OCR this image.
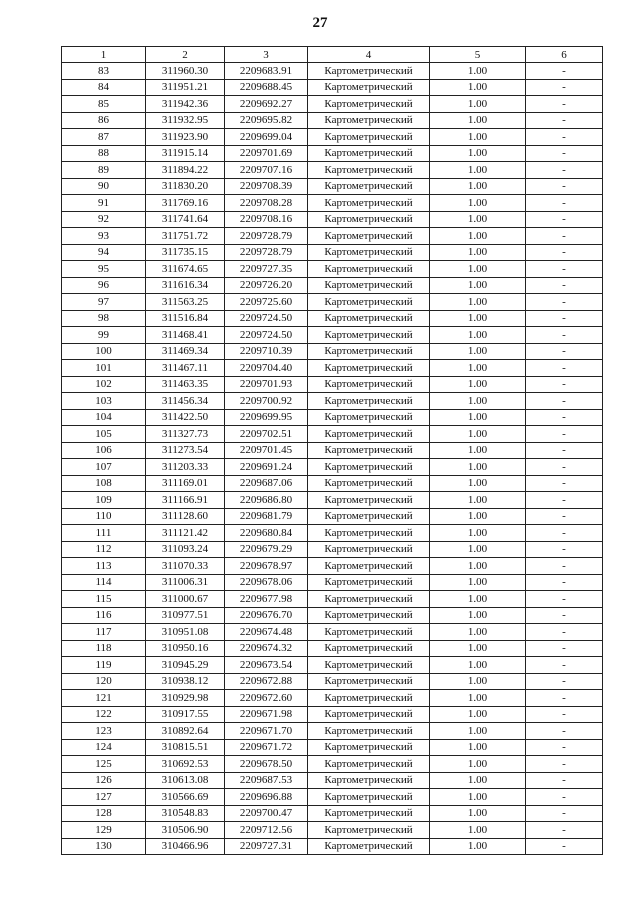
27
1	2	3	4	5	6
83	311960.30	2209683.91	Картометрический	1.00	-
84	311951.21	2209688.45	Картометрический	1.00	-
85	311942.36	2209692.27	Картометрический	1.00	-
86	311932.95	2209695.82	Картометрический	1.00	-
87	311923.90	2209699.04	Картометрический	1.00	-
88	311915.14	2209701.69	Картометрический	1.00	-
89	311894.22	2209707.16	Картометрический	1.00	-
90	311830.20	2209708.39	Картометрический	1.00	-
91	311769.16	2209708.28	Картометрический	1.00	-
92	311741.64	2209708.16	Картометрический	1.00	-
93	311751.72	2209728.79	Картометрический	1.00	-
94	311735.15	2209728.79	Картометрический	1.00	-
95	311674.65	2209727.35	Картометрический	1.00	-
96	311616.34	2209726.20	Картометрический	1.00	-
97	311563.25	2209725.60	Картометрический	1.00	-
98	311516.84	2209724.50	Картометрический	1.00	-
99	311468.41	2209724.50	Картометрический	1.00	-
100	311469.34	2209710.39	Картометрический	1.00	-
101	311467.11	2209704.40	Картометрический	1.00	-
102	311463.35	2209701.93	Картометрический	1.00	-
103	311456.34	2209700.92	Картометрический	1.00	-
104	311422.50	2209699.95	Картометрический	1.00	-
105	311327.73	2209702.51	Картометрический	1.00	-
106	311273.54	2209701.45	Картометрический	1.00	-
107	311203.33	2209691.24	Картометрический	1.00	-
108	311169.01	2209687.06	Картометрический	1.00	-
109	311166.91	2209686.80	Картометрический	1.00	-
110	311128.60	2209681.79	Картометрический	1.00	-
111	311121.42	2209680.84	Картометрический	1.00	-
112	311093.24	2209679.29	Картометрический	1.00	-
113	311070.33	2209678.97	Картометрический	1.00	-
114	311006.31	2209678.06	Картометрический	1.00	-
115	311000.67	2209677.98	Картометрический	1.00	-
116	310977.51	2209676.70	Картометрический	1.00	-
117	310951.08	2209674.48	Картометрический	1.00	-
118	310950.16	2209674.32	Картометрический	1.00	-
119	310945.29	2209673.54	Картометрический	1.00	-
120	310938.12	2209672.88	Картометрический	1.00	-
121	310929.98	2209672.60	Картометрический	1.00	-
122	310917.55	2209671.98	Картометрический	1.00	-
123	310892.64	2209671.70	Картометрический	1.00	-
124	310815.51	2209671.72	Картометрический	1.00	-
125	310692.53	2209678.50	Картометрический	1.00	-
126	310613.08	2209687.53	Картометрический	1.00	-
127	310566.69	2209696.88	Картометрический	1.00	-
128	310548.83	2209700.47	Картометрический	1.00	-
129	310506.90	2209712.56	Картометрический	1.00	-
130	310466.96	2209727.31	Картометрический	1.00	-
